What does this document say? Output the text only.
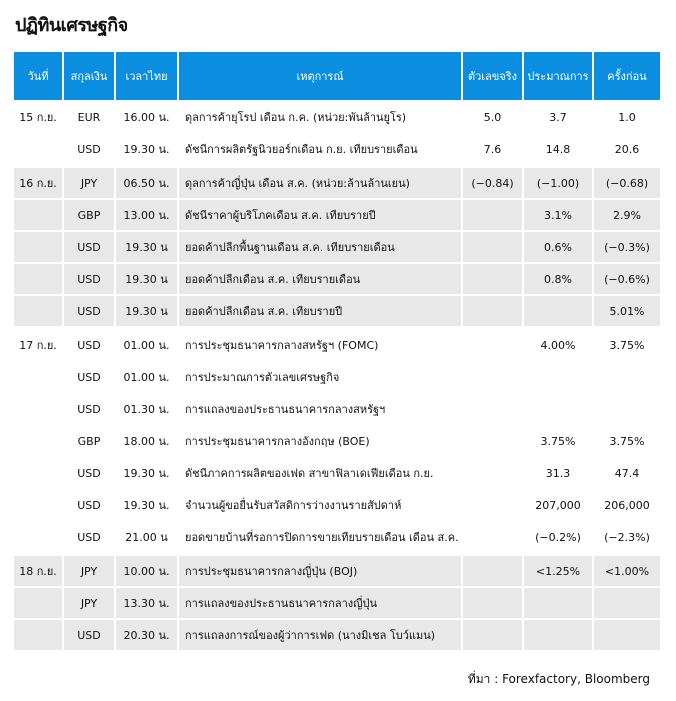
ปฏิทินเศรษฐกิจ
วันที่	สกุลเงิน	เวลาไทย	เหตุการณ์	ตัวเลขจริง	ประมาณการ	ครั้งก่อน
15 ก.ย.	EUR	16.00 น.	ดุลการค้ายุโรป เดือน ก.ค. (หน่วย:พันล้านยูโร)	5.0	3.7	1.0
	USD	19.30 น.	ดัชนีการผลิตรัฐนิวยอร์กเดือน ก.ย. เทียบรายเดือน	7.6	14.8	20.6
16 ก.ย.	JPY	06.50 น.	ดุลการค้าญี่ปุ่น เดือน ส.ค. (หน่วย:ล้านล้านเยน)	(−0.84)	(−1.00)	(−0.68)
	GBP	13.00 น.	ดัชนีราคาผู้บริโภคเดือน ส.ค. เทียบรายปี		3.1%	2.9%
	USD	19.30 น	ยอดค้าปลีกพื้นฐานเดือน ส.ค. เทียบรายเดือน		0.6%	(−0.3%)
	USD	19.30 น	ยอดค้าปลีกเดือน ส.ค. เทียบรายเดือน		0.8%	(−0.6%)
	USD	19.30 น	ยอดค้าปลีกเดือน ส.ค. เทียบรายปี			5.01%
17 ก.ย.	USD	01.00 น.	การประชุมธนาคารกลางสหรัฐฯ (FOMC)		4.00%	3.75%
	USD	01.00 น.	การประมาณการตัวเลขเศรษฐกิจ			
	USD	01.30 น.	การแถลงของประธานธนาคารกลางสหรัฐฯ			
	GBP	18.00 น.	การประชุมธนาคารกลางอังกฤษ (BOE)		3.75%	3.75%
	USD	19.30 น.	ดัชนีภาคการผลิตของเฟด สาขาฟิลาเดเฟียเดือน ก.ย.		31.3	47.4
	USD	19.30 น.	จำนวนผู้ขอยื่นรับสวัสดิการว่างงานรายสัปดาห์		207,000	206,000
	USD	21.00 น	ยอดขายบ้านที่รอการปิดการขายเทียบรายเดือน เดือน ส.ค.		(−0.2%)	(−2.3%)
18 ก.ย.	JPY	10.00 น.	การประชุมธนาคารกลางญี่ปุ่น (BOJ)		<1.25%	<1.00%
	JPY	13.30 น.	การแถลงของประธานธนาคารกลางญี่ปุ่น			
	USD	20.30 น.	การแถลงการณ์ของผู้ว่าการเฟด (นางมิเชล โบว์แมน)			
ที่มา : Forexfactory, Bloomberg
